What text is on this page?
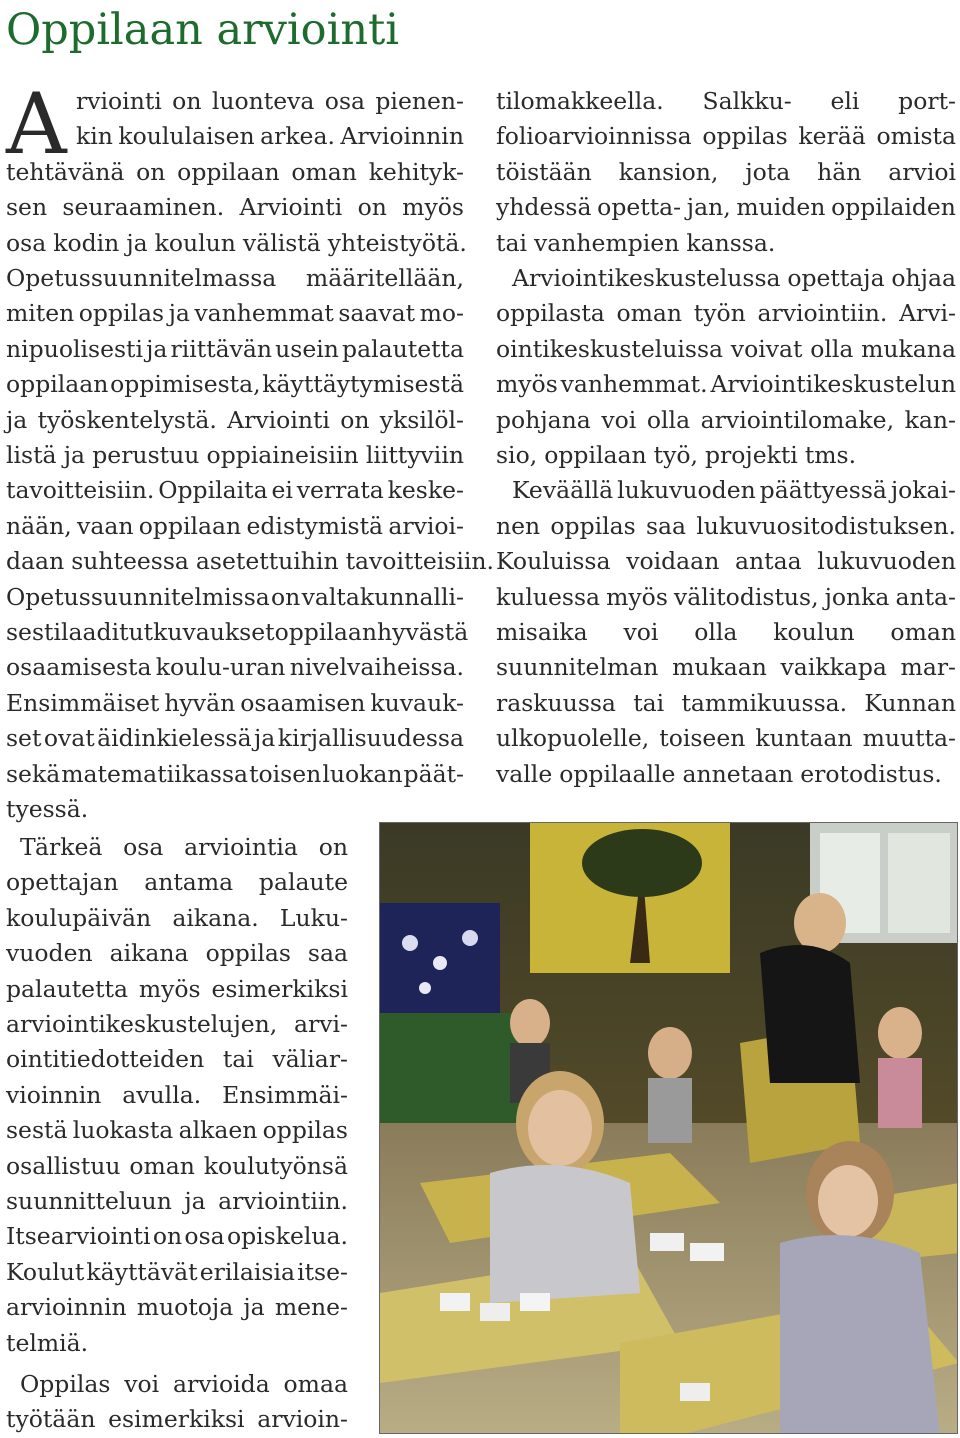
Oppilaan arviointi
A rviointi on luonteva osa pienen-
kin koululaisen arkea. Arvioinnin
tehtävänä on oppilaan oman kehityk-
sen seuraaminen. Arviointi on myös
osa kodin ja koulun välistä yhteistyötä.
Opetussuunnitelmassa määritellään,
miten oppilas ja vanhemmat saavat mo-
nipuolisesti ja riittävän usein palautetta
oppilaan oppimisesta, käyttäytymisestä
ja työskentelystä. Arviointi on yksilöl-
listä ja perustuu oppiaineisiin liittyviin
tavoitteisiin. Oppilaita ei verrata keske-
nään, vaan oppilaan edistymistä arvioi-
daan suhteessa asetettuihin tavoitteisiin.
Opetussuunnitelmissa on valtakunnalli-
sesti laaditut kuvaukset oppilaan hyvästä
osaamisesta koulu-uran nivelvaiheissa.
Ensimmäiset hyvän osaamisen kuvauk-
set ovat äidinkielessä ja kirjallisuudessa
sekä matematiikassa toisen luokan päät-
tyessä.
Tärkeä osa arviointia on
opettajan antama palaute
koulupäivän aikana. Luku-
vuoden aikana oppilas saa
palautetta myös esimerkiksi
arviointikeskustelujen, arvi-
ointitiedotteiden tai väliar-
vioinnin avulla. Ensimmäi-
sestä luokasta alkaen oppilas
osallistuu oman koulutyönsä
suunnitteluun ja arviointiin.
Itsearviointi on osa opiskelua.
Koulut käyttävät erilaisia itse-
arvioinnin muotoja ja mene-
telmiä.
Oppilas voi arvioida omaa
työtään esimerkiksi arvioin-
tilomakkeella. Salkku- eli port-
folioarvioinnissa oppilas kerää omista
töistään kansion, jota hän arvioi
yhdessä opetta- jan, muiden oppilaiden
tai vanhempien kanssa.
Arviointikeskustelussa opettaja ohjaa
oppilasta oman työn arviointiin. Arvi-
ointikeskusteluissa voivat olla mukana
myös vanhemmat. Arviointikeskustelun
pohjana voi olla arviointilomake, kan-
sio, oppilaan työ, projekti tms.
Keväällä lukuvuoden päättyessä jokai-
nen oppilas saa lukuvuositodistuksen.
Kouluissa voidaan antaa lukuvuoden
kuluessa myös välitodistus, jonka anta-
misaika voi olla koulun oman
suunnitelman mukaan vaikkapa mar-
raskuussa tai tammikuussa. Kunnan
ulkopuolelle, toiseen kuntaan muutta-
valle oppilaalle annetaan erotodistus.
